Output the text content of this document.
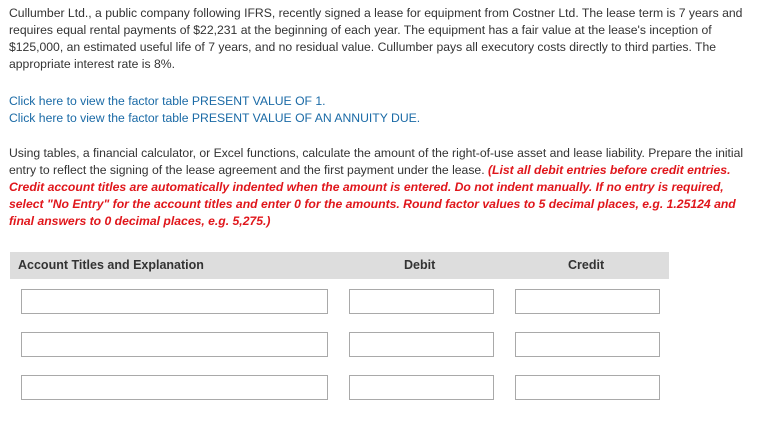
Cullumber Ltd., a public company following IFRS, recently signed a lease for equipment from Costner Ltd. The lease term is 7 years and requires equal rental payments of $22,231 at the beginning of each year. The equipment has a fair value at the lease's inception of $125,000, an estimated useful life of 7 years, and no residual value. Cullumber pays all executory costs directly to third parties. The appropriate interest rate is 8%.
Click here to view the factor table PRESENT VALUE OF 1.
Click here to view the factor table PRESENT VALUE OF AN ANNUITY DUE.
Using tables, a financial calculator, or Excel functions, calculate the amount of the right-of-use asset and lease liability. Prepare the initial entry to reflect the signing of the lease agreement and the first payment under the lease. (List all debit entries before credit entries. Credit account titles are automatically indented when the amount is entered. Do not indent manually. If no entry is required, select "No Entry" for the account titles and enter 0 for the amounts. Round factor values to 5 decimal places, e.g. 1.25124 and final answers to 0 decimal places, e.g. 5,275.)
Account Titles and Explanation	Debit	Credit
